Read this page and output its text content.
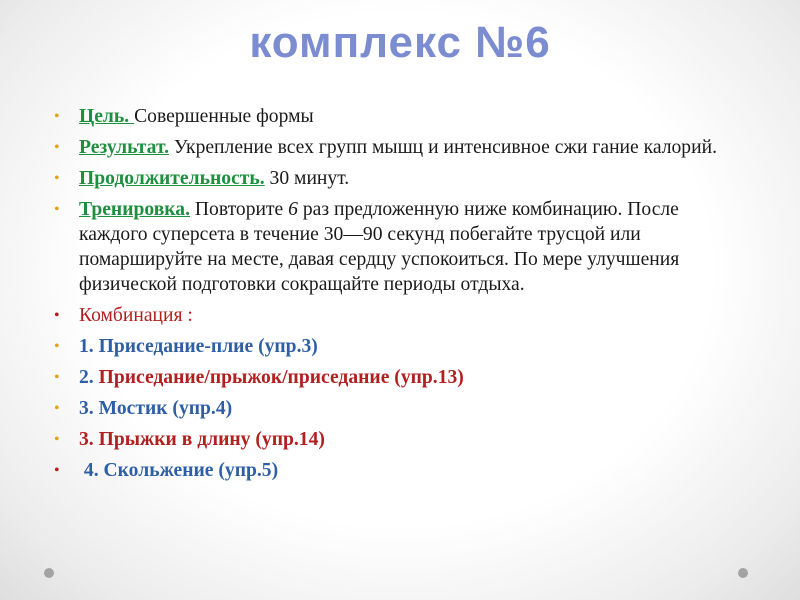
комплекс №6
• Цель. Совершенные формы
• Результат. Укрепление всех групп мышц и интенсивное сжи гание калорий.
• Продолжительность. 30 минут.
• Тренировка. Повторите 6 раз предложенную ниже комбинацию. После каждого суперсета в течение 30—90 секунд побегайте трусцой или помаршируйте на месте, давая сердцу успокоиться. По мере улучшения физической подготовки сокращайте периоды отдыха.
• Комбинация :
• 1. Приседание-плие (упр.3)
• 2. Приседание/прыжок/приседание (упр.13)
• 3. Мостик (упр.4)
• 3. Прыжки в длину (упр.14)
• 4. Скольжение (упр.5)
